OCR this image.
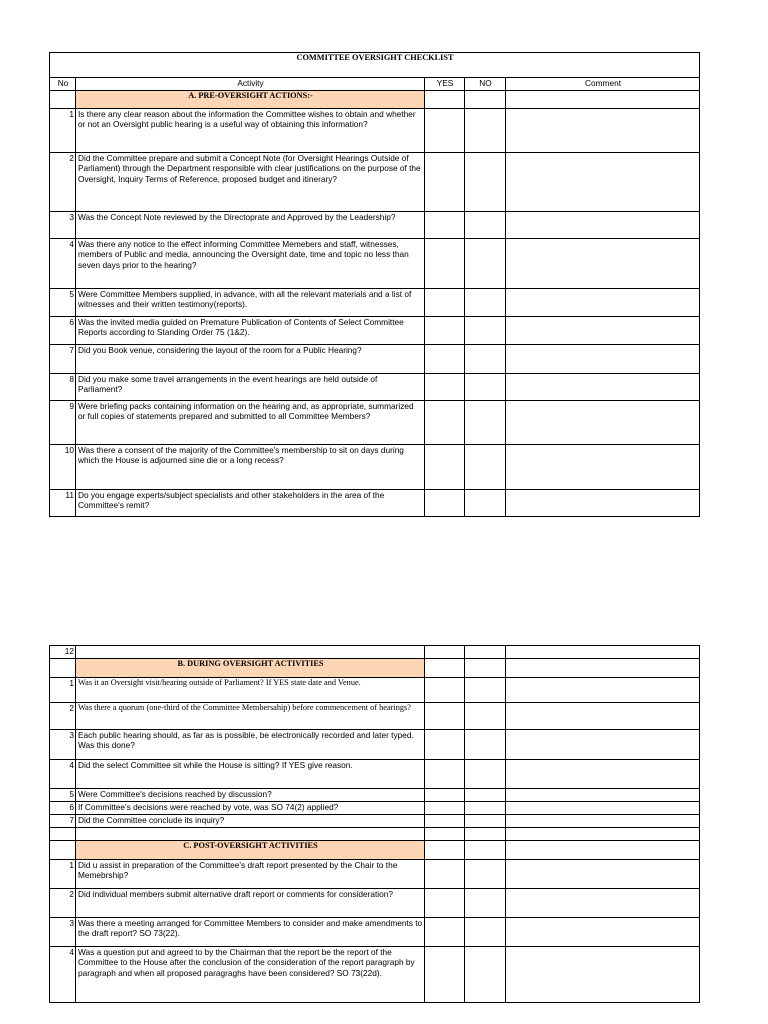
COMMITTEE OVERSIGHT CHECKLIST				
No	Activity	YES	NO	Comment
	A. PRE-OVERSIGHT ACTIONS:-			
1	Is there any clear reason about the information the Committee wishes to obtain and whether or not an Oversight public hearing is a useful way of obtaining this information?			
2	Did the Committee prepare and submit a Concept Note (for Oversight Hearings Outside of Parliament) through the Department responsible with clear justifications on the purpose of the Oversight, Inquiry Terms of Reference, proposed budget and itinerary?			
3	Was the Concept Note reviewed by the Directoprate and Approved by the Leadership?			
4	Was there any notice to the effect informing Committee Memebers and staff, witnesses, members of Public and media, announcing the Oversight date, time and topic no less than seven days prior to the hearing?			
5	Were Committee Members supplied, in advance, with all the relevant materials and a list of witnesses and their written testimony(reports).			
6	Was the invited media guided on Premature Publication of Contents of Select Committee Reports according to Standing Order 75 (1&2).			
7	Did you Book venue, considering the layout of the room for a Public Hearing?			
8	Did you make some travel arrangements in the event hearings are held outside of Parliament?			
9	Were briefing packs containing information on the hearing and, as appropriate, summarized or full copies of statements prepared and submitted to all Committee Members?			
10	Was there a consent of the majority of the Committee's membership to sit on days during which the House is adjourned sine die or a long recess?			
11	Do you engage experts/subject specialists and other stakeholders in the area of the Committee's remit?			
12				
	B. DURING OVERSIGHT ACTIVITIES			
1	Was it an Oversight visit/hearing outside of Parliament? If YES state date and Venue.			
2	Was there a quorum (one-third of the Committee Membersahip) before commencement of hearings?			
3	Each public hearing should, as far as is possible, be electronically recorded and later typed. Was this done?			
4	Did the select Committee sit while the House is sitting? If YES give reason.			
5	Were Committee's decisions reached by discussion?			
6	If Committee's decisions were reached by vote, was SO 74(2) applied?			
7	Did the Committee conclude its inquiry?			

	C. POST-OVERSIGHT ACTIVITIES			
1	Did u assist in preparation of the Committee's draft report presented by the Chair to the Memebrship?			
2	Did individual members submit alternative draft report or comments for consideration?			
3	Was there a meeting arranged for Committee Members to consider and make amendments to the draft report? SO 73(22).			
4	Was a question put and agreed to by the Chairman that the report be the report of the Committee to the House after the conclusion of the consideration of the report paragraph by paragraph and when all proposed paragraghs have been considered? SO 73(22d).			
